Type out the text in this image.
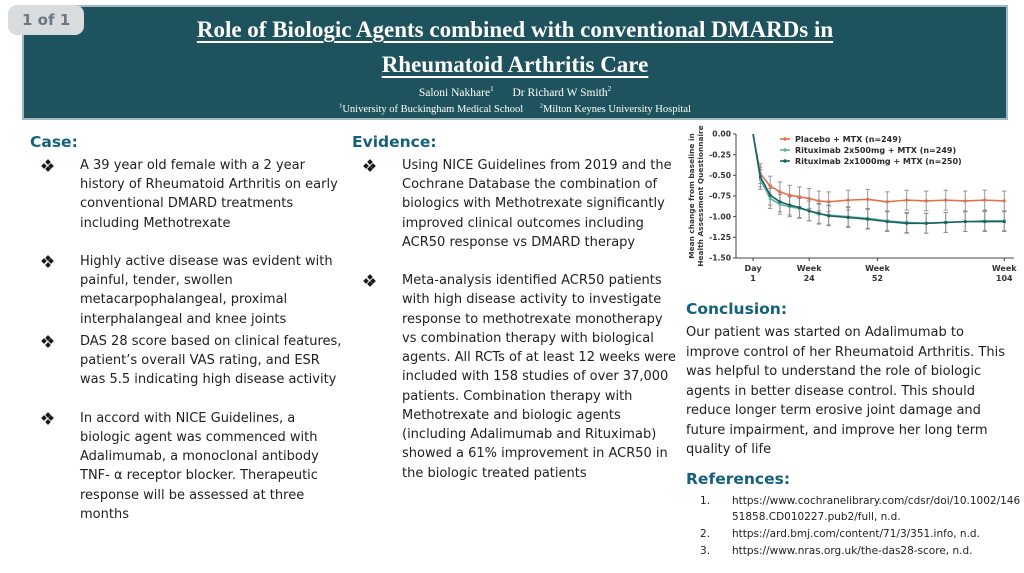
1 of 1	Role of Biologic Agents combined with conventional DMARDs in Rheumatoid Arthritis Care
Saloni Nakhare$^1$ Dr Richard W Smith$^2$
$^1$University of Buckingham Medical School	$^2$Milton Keynes University Hospital
Case:
A 39 year old female with a 2 year history of Rheumatoid Arthritis on early conventional DMARD treatments including Methotrexate
Highly active disease was evident with painful, tender, swollen metacarpophalangeal, proximal interphalangeal and knee joints
DAS 28 score based on clinical features, patient’s overall VAS rating, and ESR was 5.5 indicating high disease activity
In accord with NICE Guidelines, a biologic agent was commenced with Adalimumab, a monoclonal antibody TNF- α receptor blocker. Therapeutic response will be assessed at three months
Evidence:
Using NICE Guidelines from 2019 and the Cochrane Database the combination of biologics with Methotrexate significantly improved clinical outcomes including ACR50 response vs DMARD therapy
Meta-analysis identified ACR50 patients with high disease activity to investigate response to methotrexate monotherapy vs combination therapy with biological agents. All RCTs of at least 12 weeks were included with 158 studies of over 37,000 patients. Combination therapy with Methotrexate and biologic agents (including Adalimumab and Rituximab) showed a 61% improvement in ACR50 in the biologic treated patients
0.00
-0.25
-0.50
-0.75
-1.00
-1.25
-1.50
Mean change from baseline in Health Assessment Questionnaire
Day
1
Week
24
Week
52
Week
104
Placebo + MTX (n=249)
Rituximab 2x500mg + MTX (n=249)
Rituximab 2x1000mg + MTX (n=250)
Conclusion:

Our patient was started on Adalimumab to improve control of her Rheumatoid Arthritis. This was helpful to understand the role of biologic agents in better disease control. This should reduce longer term erosive joint damage and future impairment, and improve her long term quality of life

References:
https://www.cochranelibrary.com/cdsr/doi/10.1002/14651858.CD010227.pub2/full, n.d.
https://ard.bmj.com/content/71/3/351.info, n.d.
https://www.nras.org.uk/the-das28-score, n.d.
